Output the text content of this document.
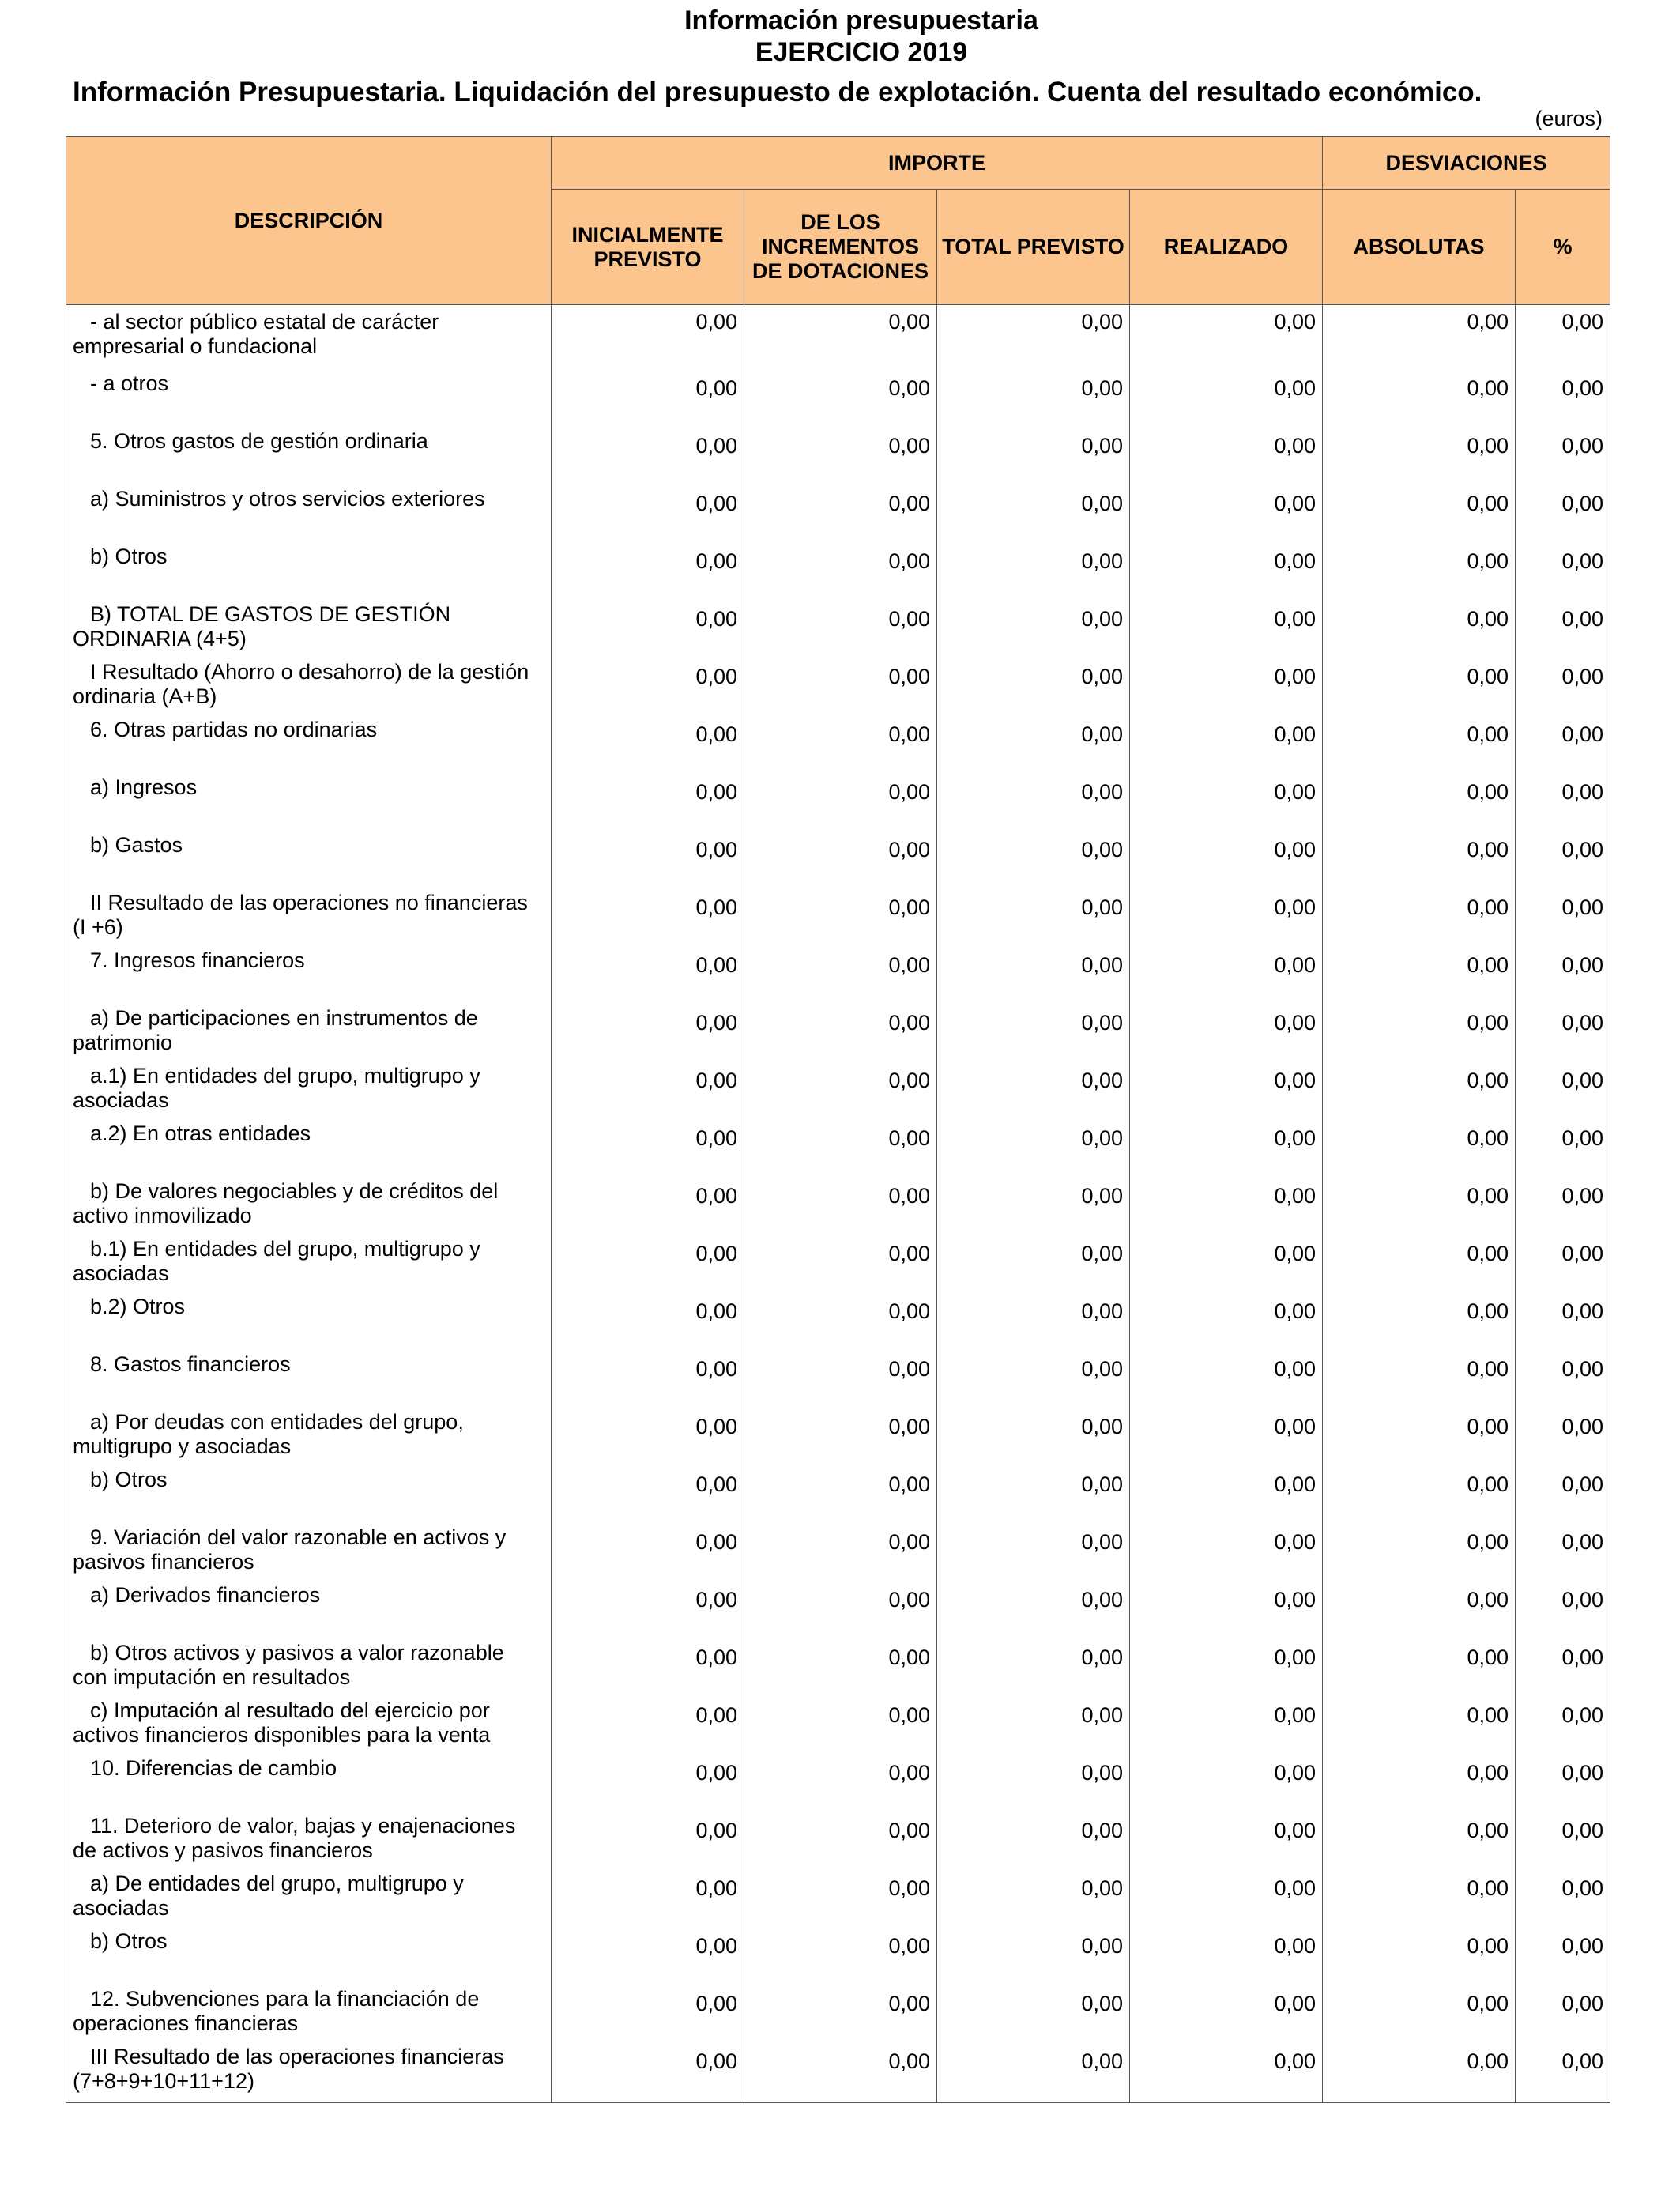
Información presupuestaria
EJERCICIO 2019
Información Presupuestaria. Liquidación del presupuesto de explotación. Cuenta del resultado económico.
(euros)
DESCRIPCIÓN	IMPORTE				DESVIACIONES	
	INICIALMENTE PREVISTO	DE LOS INCREMENTOS DE DOTACIONES	TOTAL PREVISTO	REALIZADO	ABSOLUTAS	%

- al sector público estatal de carácter
empresarial o fundacional	0,00	0,00	0,00	0,00	0,00	0,00

- a otros	0,00	0,00	0,00	0,00	0,00	0,00

5. Otros gastos de gestión ordinaria	0,00	0,00	0,00	0,00	0,00	0,00

a) Suministros y otros servicios exteriores	0,00	0,00	0,00	0,00	0,00	0,00

b) Otros	0,00	0,00	0,00	0,00	0,00	0,00

B) TOTAL DE GASTOS DE GESTIÓN
ORDINARIA (4+5)	0,00	0,00	0,00	0,00	0,00	0,00

I Resultado (Ahorro o desahorro) de la gestión
ordinaria (A+B)	0,00	0,00	0,00	0,00	0,00	0,00

6. Otras partidas no ordinarias	0,00	0,00	0,00	0,00	0,00	0,00

a) Ingresos	0,00	0,00	0,00	0,00	0,00	0,00

b) Gastos	0,00	0,00	0,00	0,00	0,00	0,00

II Resultado de las operaciones no financieras
(I +6)	0,00	0,00	0,00	0,00	0,00	0,00

7. Ingresos financieros	0,00	0,00	0,00	0,00	0,00	0,00

a) De participaciones en instrumentos de
patrimonio	0,00	0,00	0,00	0,00	0,00	0,00

a.1) En entidades del grupo, multigrupo y
asociadas	0,00	0,00	0,00	0,00	0,00	0,00

a.2) En otras entidades	0,00	0,00	0,00	0,00	0,00	0,00

b) De valores negociables y de créditos del
activo inmovilizado	0,00	0,00	0,00	0,00	0,00	0,00

b.1) En entidades del grupo, multigrupo y
asociadas	0,00	0,00	0,00	0,00	0,00	0,00

b.2) Otros	0,00	0,00	0,00	0,00	0,00	0,00

8. Gastos financieros	0,00	0,00	0,00	0,00	0,00	0,00

a) Por deudas con entidades del grupo,
multigrupo y asociadas	0,00	0,00	0,00	0,00	0,00	0,00

b) Otros	0,00	0,00	0,00	0,00	0,00	0,00

9. Variación del valor razonable en activos y
pasivos financieros	0,00	0,00	0,00	0,00	0,00	0,00

a) Derivados financieros	0,00	0,00	0,00	0,00	0,00	0,00

b) Otros activos y pasivos a valor razonable
con imputación en resultados	0,00	0,00	0,00	0,00	0,00	0,00

c) Imputación al resultado del ejercicio por
activos financieros disponibles para la venta	0,00	0,00	0,00	0,00	0,00	0,00

10. Diferencias de cambio	0,00	0,00	0,00	0,00	0,00	0,00

11. Deterioro de valor, bajas y enajenaciones
de activos y pasivos financieros	0,00	0,00	0,00	0,00	0,00	0,00

a) De entidades del grupo, multigrupo y
asociadas	0,00	0,00	0,00	0,00	0,00	0,00

b) Otros	0,00	0,00	0,00	0,00	0,00	0,00

12. Subvenciones para la financiación de
operaciones financieras	0,00	0,00	0,00	0,00	0,00	0,00

III Resultado de las operaciones financieras
(7+8+9+10+11+12)	0,00	0,00	0,00	0,00	0,00	0,00
